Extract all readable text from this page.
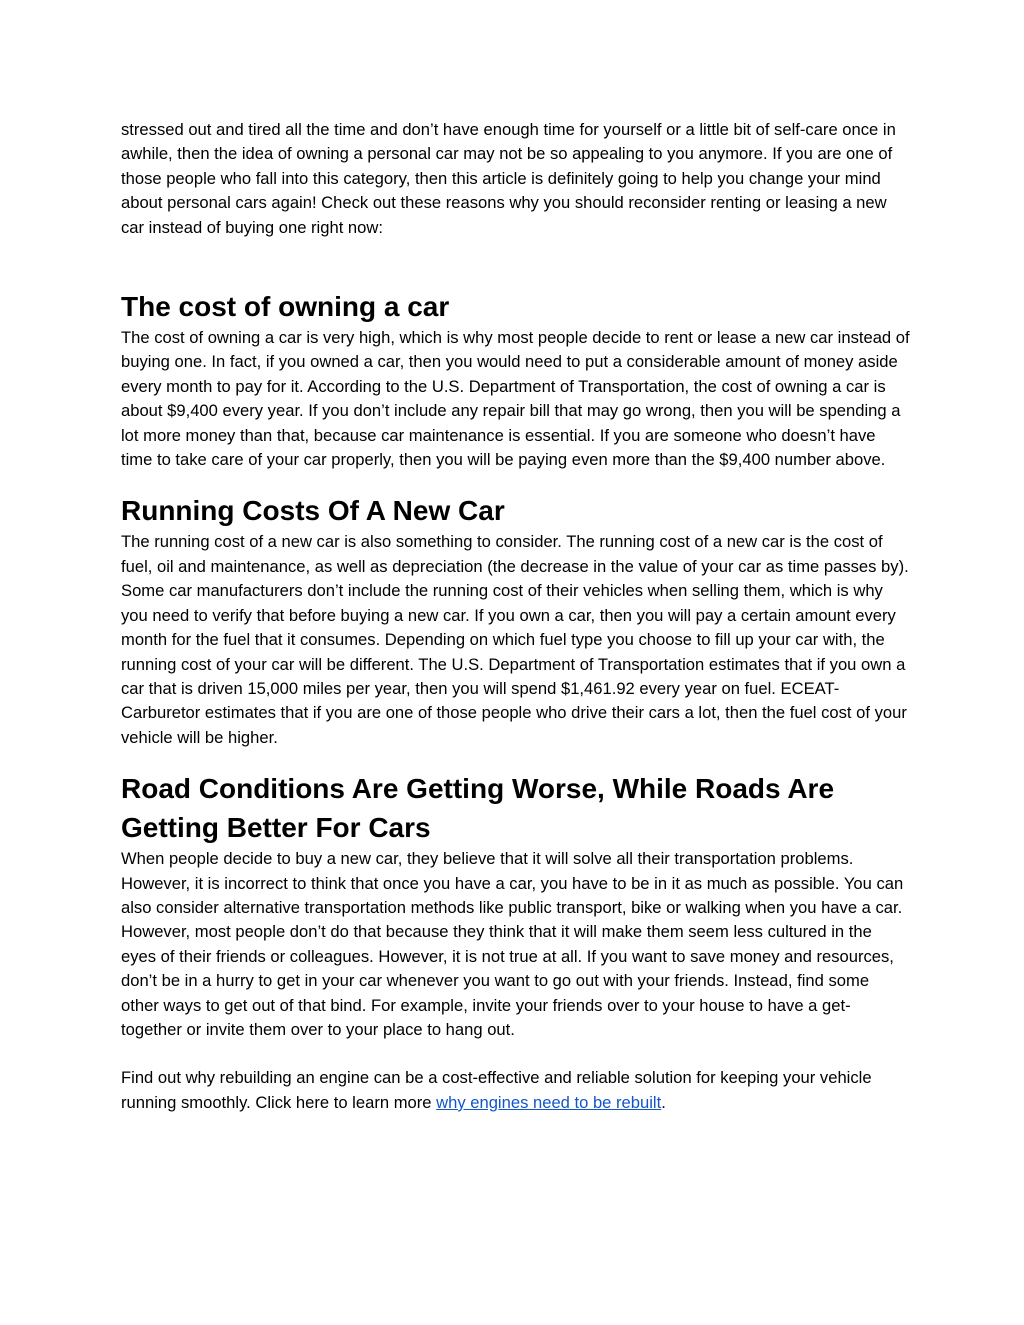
stressed out and tired all the time and don’t have enough time for yourself or a little bit of self-care once in awhile, then the idea of owning a personal car may not be so appealing to you anymore. If you are one of those people who fall into this category, then this article is definitely going to help you change your mind about personal cars again! Check out these reasons why you should reconsider renting or leasing a new car instead of buying one right now:

The cost of owning a car

The cost of owning a car is very high, which is why most people decide to rent or lease a new car instead of buying one. In fact, if you owned a car, then you would need to put a considerable amount of money aside every month to pay for it. According to the U.S. Department of Transportation, the cost of owning a car is about $9,400 every year. If you don’t include any repair bill that may go wrong, then you will be spending a lot more money than that, because car maintenance is essential. If you are someone who doesn’t have time to take care of your car properly, then you will be paying even more than the $9,400 number above.

Running Costs Of A New Car

The running cost of a new car is also something to consider. The running cost of a new car is the cost of fuel, oil and maintenance, as well as depreciation (the decrease in the value of your car as time passes by). Some car manufacturers don’t include the running cost of their vehicles when selling them, which is why you need to verify that before buying a new car. If you own a car, then you will pay a certain amount every month for the fuel that it consumes. Depending on which fuel type you choose to fill up your car with, the running cost of your car will be different. The U.S. Department of Transportation estimates that if you own a car that is driven 15,000 miles per year, then you will spend $1,461.92 every year on fuel. ECEAT- Carburetor estimates that if you are one of those people who drive their cars a lot, then the fuel cost of your vehicle will be higher.

Road Conditions Are Getting Worse, While Roads Are Getting Better For Cars

When people decide to buy a new car, they believe that it will solve all their transportation problems. However, it is incorrect to think that once you have a car, you have to be in it as much as possible. You can also consider alternative transportation methods like public transport, bike or walking when you have a car. However, most people don’t do that because they think that it will make them seem less cultured in the eyes of their friends or colleagues. However, it is not true at all. If you want to save money and resources, don’t be in a hurry to get in your car whenever you want to go out with your friends. Instead, find some other ways to get out of that bind. For example, invite your friends over to your house to have a get-together or invite them over to your place to hang out.

Find out why rebuilding an engine can be a cost-effective and reliable solution for keeping your vehicle running smoothly. Click here to learn more why engines need to be rebuilt.
